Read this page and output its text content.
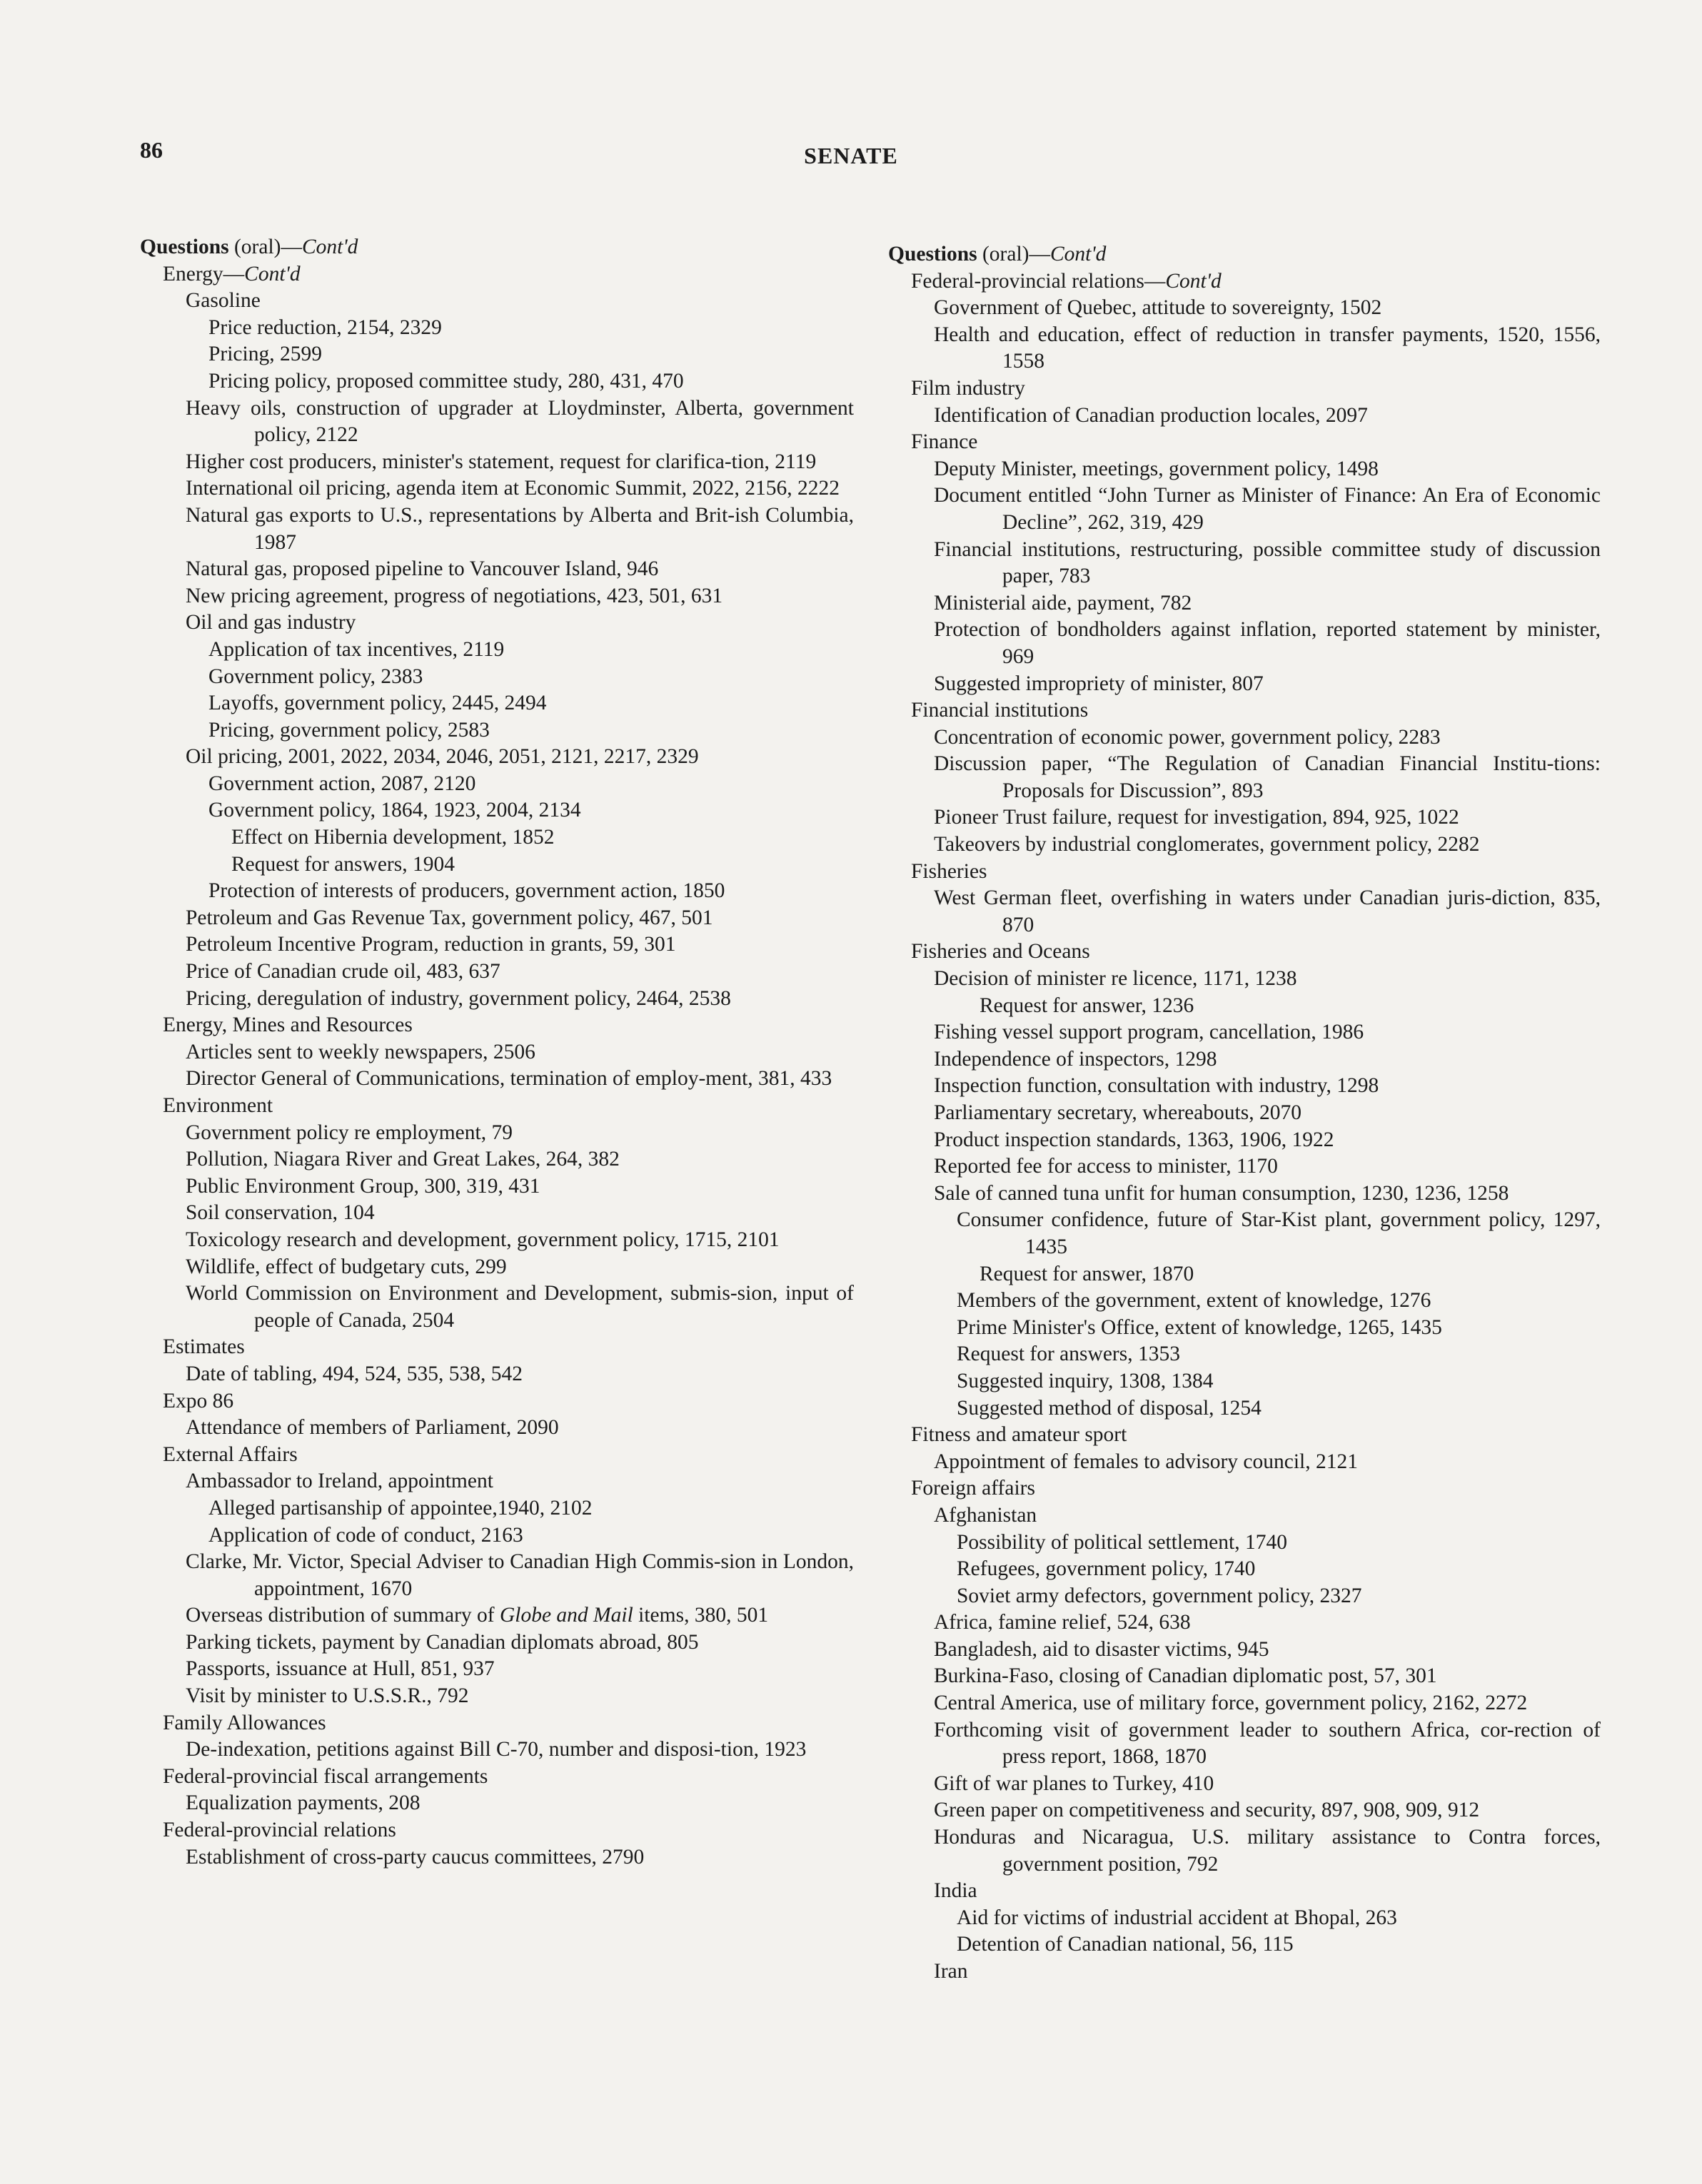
86	SENATE
Questions (oral)—Cont'd
Energy—Cont'd
Gasoline
Price reduction, 2154, 2329
Pricing, 2599
Pricing policy, proposed committee study, 280, 431, 470
Heavy oils, construction of upgrader at Lloydminster, Alberta, government policy, 2122
Higher cost producers, minister's statement, request for clarifica-tion, 2119
International oil pricing, agenda item at Economic Summit, 2022, 2156, 2222
Natural gas exports to U.S., representations by Alberta and Brit-ish Columbia, 1987
Natural gas, proposed pipeline to Vancouver Island, 946
New pricing agreement, progress of negotiations, 423, 501, 631
Oil and gas industry
Application of tax incentives, 2119
Government policy, 2383
Layoffs, government policy, 2445, 2494
Pricing, government policy, 2583
Oil pricing, 2001, 2022, 2034, 2046, 2051, 2121, 2217, 2329
Government action, 2087, 2120
Government policy, 1864, 1923, 2004, 2134
Effect on Hibernia development, 1852
Request for answers, 1904
Protection of interests of producers, government action, 1850
Petroleum and Gas Revenue Tax, government policy, 467, 501
Petroleum Incentive Program, reduction in grants, 59, 301
Price of Canadian crude oil, 483, 637
Pricing, deregulation of industry, government policy, 2464, 2538
Energy, Mines and Resources
Articles sent to weekly newspapers, 2506
Director General of Communications, termination of employ-ment, 381, 433
Environment
Government policy re employment, 79
Pollution, Niagara River and Great Lakes, 264, 382
Public Environment Group, 300, 319, 431
Soil conservation, 104
Toxicology research and development, government policy, 1715, 2101
Wildlife, effect of budgetary cuts, 299
World Commission on Environment and Development, submis-sion, input of people of Canada, 2504
Estimates
Date of tabling, 494, 524, 535, 538, 542
Expo 86
Attendance of members of Parliament, 2090
External Affairs
Ambassador to Ireland, appointment
Alleged partisanship of appointee,1940, 2102
Application of code of conduct, 2163
Clarke, Mr. Victor, Special Adviser to Canadian High Commis-sion in London, appointment, 1670
Overseas distribution of summary of Globe and Mail items, 380, 501
Parking tickets, payment by Canadian diplomats abroad, 805
Passports, issuance at Hull, 851, 937
Visit by minister to U.S.S.R., 792
Family Allowances
De-indexation, petitions against Bill C-70, number and disposi-tion, 1923
Federal-provincial fiscal arrangements
Equalization payments, 208
Federal-provincial relations
Establishment of cross-party caucus committees, 2790
Questions (oral)—Cont'd
Federal-provincial relations—Cont'd
Government of Quebec, attitude to sovereignty, 1502
Health and education, effect of reduction in transfer payments, 1520, 1556, 1558
Film industry
Identification of Canadian production locales, 2097
Finance
Deputy Minister, meetings, government policy, 1498
Document entitled “John Turner as Minister of Finance: An Era of Economic Decline”, 262, 319, 429
Financial institutions, restructuring, possible committee study of discussion paper, 783
Ministerial aide, payment, 782
Protection of bondholders against inflation, reported statement by minister, 969
Suggested impropriety of minister, 807
Financial institutions
Concentration of economic power, government policy, 2283
Discussion paper, “The Regulation of Canadian Financial Institu-tions: Proposals for Discussion”, 893
Pioneer Trust failure, request for investigation, 894, 925, 1022
Takeovers by industrial conglomerates, government policy, 2282
Fisheries
West German fleet, overfishing in waters under Canadian juris-diction, 835, 870
Fisheries and Oceans
Decision of minister re licence, 1171, 1238
Request for answer, 1236
Fishing vessel support program, cancellation, 1986
Independence of inspectors, 1298
Inspection function, consultation with industry, 1298
Parliamentary secretary, whereabouts, 2070
Product inspection standards, 1363, 1906, 1922
Reported fee for access to minister, 1170
Sale of canned tuna unfit for human consumption, 1230, 1236, 1258
Consumer confidence, future of Star-Kist plant, government policy, 1297, 1435
Request for answer, 1870
Members of the government, extent of knowledge, 1276
Prime Minister's Office, extent of knowledge, 1265, 1435
Request for answers, 1353
Suggested inquiry, 1308, 1384
Suggested method of disposal, 1254
Fitness and amateur sport
Appointment of females to advisory council, 2121
Foreign affairs
Afghanistan
Possibility of political settlement, 1740
Refugees, government policy, 1740
Soviet army defectors, government policy, 2327
Africa, famine relief, 524, 638
Bangladesh, aid to disaster victims, 945
Burkina-Faso, closing of Canadian diplomatic post, 57, 301
Central America, use of military force, government policy, 2162, 2272
Forthcoming visit of government leader to southern Africa, cor-rection of press report, 1868, 1870
Gift of war planes to Turkey, 410
Green paper on competitiveness and security, 897, 908, 909, 912
Honduras and Nicaragua, U.S. military assistance to Contra forces, government position, 792
India
Aid for victims of industrial accident at Bhopal, 263
Detention of Canadian national, 56, 115
Iran
